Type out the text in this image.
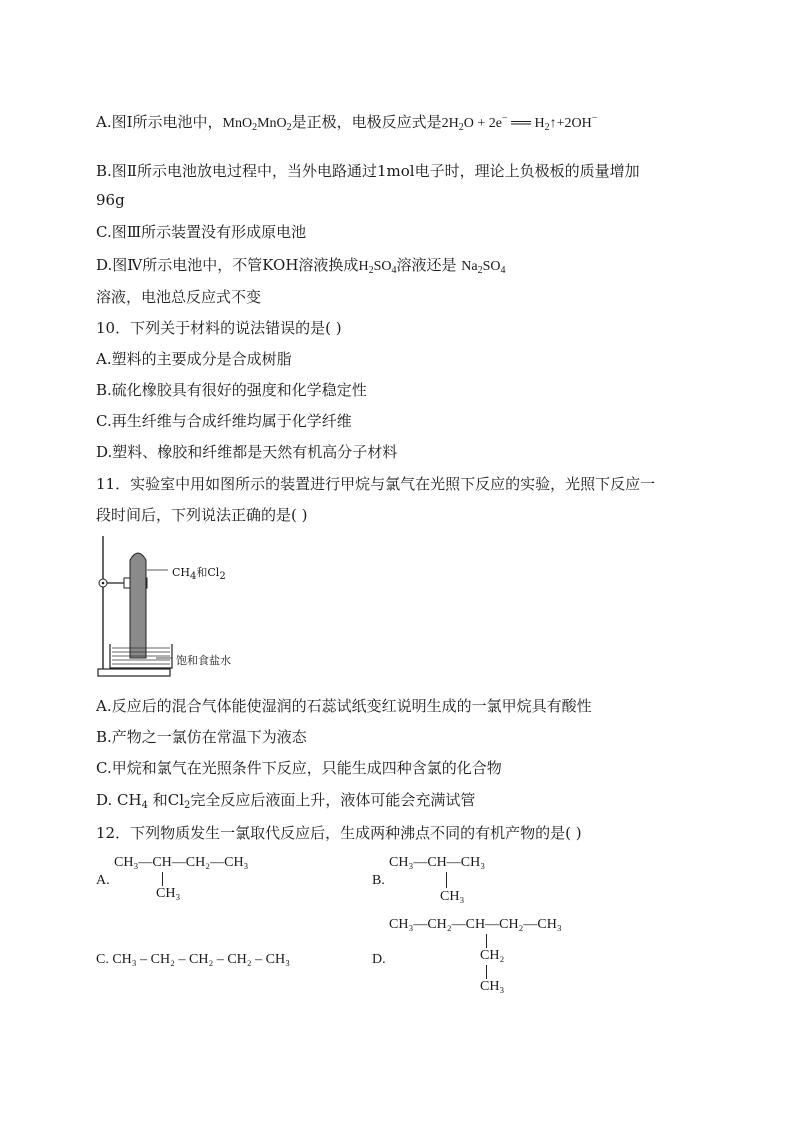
A.图Ⅰ所示电池中，MnO$_2$MnO$_2$是正极，电极反应式是$2H_2O + 2e^-$ ══ $H_2↑+2OH^-$
B.图Ⅱ所示电池放电过程中，当外电路通过1mol电子时，理论上负极板的质量增加
96g
C.图Ⅲ所示装置没有形成原电池
D.图Ⅳ所示电池中，不管KOH溶液换成$H_2SO_4$溶液还是 $Na_2SO_4$
溶液，电池总反应式不变
10．下列关于材料的说法错误的是( )
A.塑料的主要成分是合成树脂
B.硫化橡胶具有很好的强度和化学稳定性
C.再生纤维与合成纤维均属于化学纤维
D.塑料、橡胶和纤维都是天然有机高分子材料
11．实验室中用如图所示的装置进行甲烷与氯气在光照下反应的实验，光照下反应一
段时间后，下列说法正确的是( )
$CH_4$和$Cl_2$
饱和食盐水
A.反应后的混合气体能使湿润的石蕊试纸变红说明生成的一氯甲烷具有酸性
B.产物之一氯仿在常温下为液态
C.甲烷和氯气在光照条件下反应，只能生成四种含氯的化合物
D. $CH_4$ 和$Cl_2$完全反应后液面上升，液体可能会充满试管
12．下列物质发生一氯取代反应后，生成两种沸点不同的有机产物的是( )
A.
CH₃—CH—CH₂—CH₃
CH₃
B.
CH₃—CH—CH₃
CH₃
C. CH₃ – CH₂ – CH₂ – CH₂ – CH₃	D.
CH₃—CH₂—CH—CH₂—CH₃
CH₂
CH₃
